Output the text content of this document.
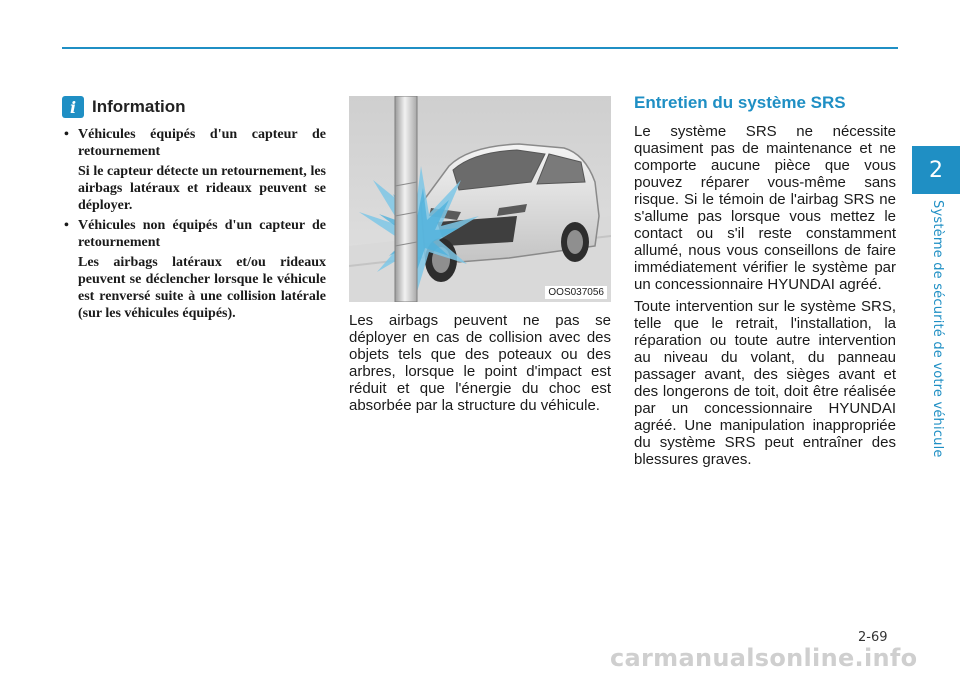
2
Système de sécurité de votre véhicule
i Information
• Véhicules équipés d'un capteur de retournement
Si le capteur détecte un retournement, les airbags latéraux et rideaux peuvent se déployer.
• Véhicules non équipés d'un capteur de retournement
Les airbags latéraux et/ou rideaux peuvent se déclencher lorsque le véhicule est renversé suite à une collision latérale (sur les véhicules équipés).
OOS037056

Les airbags peuvent ne pas se déployer en cas de collision avec des objets tels que des poteaux ou des arbres, lorsque le point d'impact est réduit et que l'énergie du choc est absorbée par la structure du véhicule.

Entretien du système SRS

Le système SRS ne nécessite quasiment pas de maintenance et ne comporte aucune pièce que vous pouvez réparer vous-même sans risque. Si le témoin de l'airbag SRS ne s'allume pas lorsque vous mettez le contact ou s'il reste constamment allumé, nous vous conseillons de faire immédiatement vérifier le système par un concessionnaire HYUNDAI agréé.

Toute intervention sur le système SRS, telle que le retrait, l'installation, la réparation ou toute autre intervention au niveau du volant, du panneau passager avant, des sièges avant et des longerons de toit, doit être réalisée par un concessionnaire HYUNDAI agréé. Une manipulation inappropriée du système SRS peut entraîner des blessures graves.

2-69
carmanualsonline.info
